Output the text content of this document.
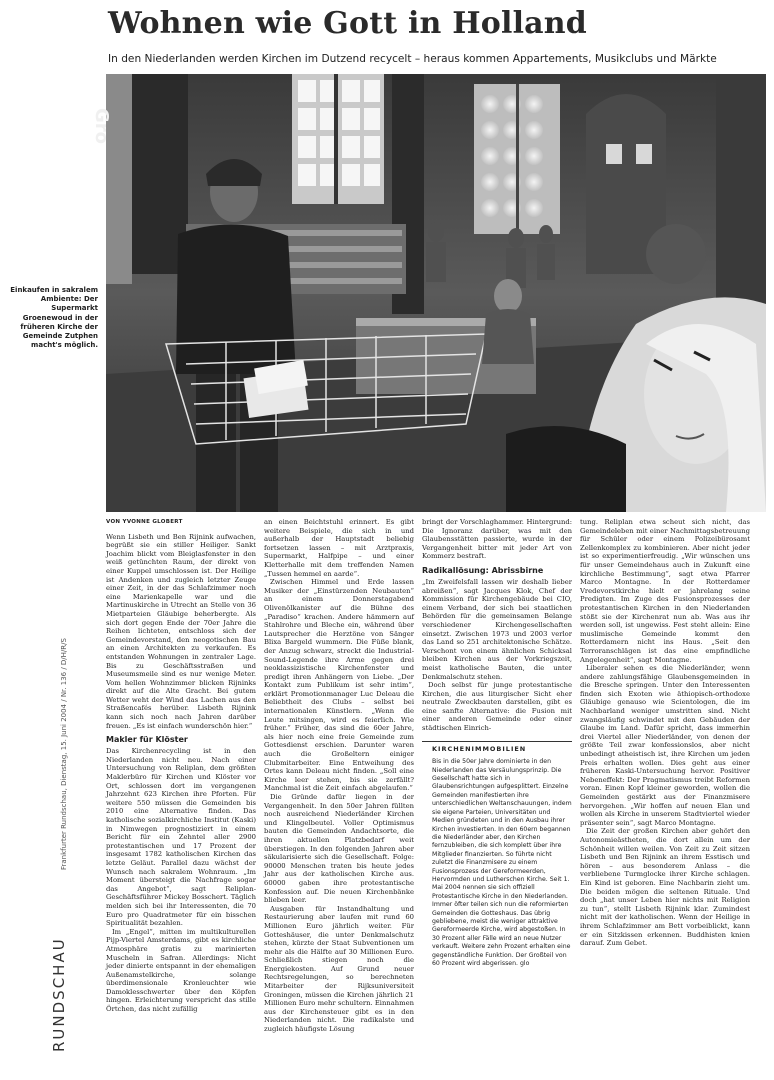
Wohnen wie Gott in Holland

In den Niederlanden werden Kirchen im Dutzend recycelt – heraus kommen Appartements, Musikclubs und Märkte

Gro
Einkaufen in sakralem Ambiente: Der Supermarkt Groenewoud in der früheren Kirche der Gemeinde Zutphen macht's möglich.
Frankfurter Rundschau, Dienstag, 15. Juni 2004 / Nr. 136 / D/H/R/S
RUNDSCHAU
VON YVONNE GLOBERT

Wenn Lisbeth und Ben Rijnink aufwachen, begrüßt sie ein stiller Heiliger. Sankt Joachim blickt vom Bleiglasfenster in den weiß getünchten Raum, der direkt von einer Kuppel umschlossen ist. Der Heilige ist Andenken und zugleich letzter Zeuge einer Zeit, in der das Schlafzimmer noch eine Marienkapelle war und die Martinuskirche in Utrecht an Stelle von 36 Mietparteien Gläubige beherbergte. Als sich dort gegen Ende der 70er Jahre die Reihen lichteten, entschloss sich der Gemeindevorstand, den neogotischen Bau an einen Architekten zu verkaufen. Es entstanden Wohnungen in zentraler Lage. Bis zu Geschäftsstraßen und Museumsmeile sind es nur wenige Meter. Vom hellen Wohnzimmer blicken Rijninks direkt auf die Alte Gracht. Bei gutem Wetter weht der Wind das Lachen aus den Straßencafés herüber. Lisbeth Rijnink kann sich noch nach Jahren darüber freuen. „Es ist einfach wunderschön hier.“

Makler für Klöster

Das Kirchenrecycling ist in den Niederlanden nicht neu. Nach einer Untersuchung von Reliplan, dem größten Maklerbüro für Kirchen und Klöster vor Ort, schlossen dort im vergangenen Jahrzehnt 623 Kirchen ihre Pforten. Für weitere 550 müssen die Gemeinden bis 2010 eine Alternative finden. Das katholische sozialkirchliche Institut (Kaski) in Nimwegen prognostiziert in einem Bericht für ein Zehntel aller 2900 protestantischen und 17 Prozent der insgesamt 1782 katholischen Kirchen das letzte Geläut. Parallel dazu wächst der Wunsch nach sakralem Wohnraum. „Im Moment übersteigt die Nachfrage sogar das Angebot“, sagt Reliplan-Geschäftsführer Mickey Bosschert. Täglich melden sich bei ihr Interessenten, die 70 Euro pro Quadratmeter für ein bisschen Spiritualität bezahlen.

Im „Engel“, mitten im multikulturellen Pijp-Viertel Amsterdams, gibt es kirchliche Atmosphäre gratis zu marinierten Muscheln in Safran. Allerdings: Nicht jeder dinierte entspannt in der ehemaligen Außenamstelkirche, solange überdimensionale Kronleuchter wie Damoklesschwerter über den Köpfen hingen. Erleichterung verspricht das stille Örtchen, das nicht zufällig

an einen Beichtstuhl erinnert. Es gibt weitere Beispiele, die sich in und außerhalb der Hauptstadt beliebig fortsetzen lassen – mit Arztpraxis, Supermarkt, Halfpipe – und einer Kletterhalle mit dem treffenden Namen „Tussen hemmel en aarde“.

Zwischen Himmel und Erde lassen Musiker der „Einstürzenden Neubauten“ an einem Donnerstagabend Olivenölkanister auf die Bühne des „Paradiso“ krachen. Andere hämmern auf Stahlrohre und Bleche ein, während über Lautsprecher die Herztöne von Sänger Blixa Bargeld wummern. Die Füße blank, der Anzug schwarz, streckt die Industrial-Sound-Legende ihre Arme gegen drei neoklassizistische Kirchenfenster und predigt ihren Anhängern von Liebe. „Der Kontakt zum Publikum ist sehr intim“, erklärt Promotionmanager Luc Deleau die Beliebtheit des Clubs – selbst bei internationalen Künstlern. „Wenn die Leute mitsingen, wird es feierlich. Wie früher.“ Früher, das sind die 60er Jahre, als hier noch eine freie Gemeinde zum Gottesdienst erschien. Darunter waren auch die Großeltern einiger Clubmitarbeiter. Eine Entweihung des Ortes kann Deleau nicht finden. „Soll eine Kirche leer stehen, bis sie zerfällt? Manchmal ist die Zeit einfach abgelaufen.“

Die Gründe dafür liegen in der Vergangenheit. In den 50er Jahren füllten noch ausreichend Niederländer Kirchen und Klingelbeutel. Voller Optimismus bauten die Gemeinden Andachtsorte, die ihren aktuellen Platzbedarf weit überstiegen. In den folgenden Jahren aber säkularisierte sich die Gesellschaft. Folge: 90000 Menschen traten bis heute jedes Jahr aus der katholischen Kirche aus. 60000 gaben ihre protestantische Konfession auf. Die neuen Kirchenbänke blieben leer.

Ausgaben für Instandhaltung und Restaurierung aber laufen mit rund 60 Millionen Euro jährlich weiter. Für Gotteshäuser, die unter Denkmalschutz stehen, kürzte der Staat Subventionen um mehr als die Hälfte auf 30 Millionen Euro. Schließlich stiegen noch die Energiekosten. Auf Grund neuer Rechtsregelungen, so berechneten Mitarbeiter der Rijksuniversiteit Groningen, müssen die Kirchen jährlich 21 Millionen Euro mehr schultern. Einnahmen aus der Kirchensteuer gibt es in den Niederlanden nicht. Die radikalste und zugleich häufigste Lösung

bringt der Vorschlaghammer. Hintergrund: Die Ignoranz darüber, was mit den Glaubensstätten passierte, wurde in der Vergangenheit bitter mit jeder Art von Kommerz bestraft.

Radikallösung: Abrissbirne

„Im Zweifelsfall lassen wir deshalb lieber abreißen“, sagt Jacques Klok, Chef der Kommission für Kirchengebäude bei CIO, einem Verband, der sich bei staatlichen Behörden für die gemeinsamen Belange verschiedener Kirchengesellschaften einsetzt. Zwischen 1973 und 2003 verlor das Land so 251 architektonische Schätze. Verschont von einem ähnlichen Schicksal bleiben Kirchen aus der Vorkriegszeit, meist katholische Bauten, die unter Denkmalschutz stehen.

Doch selbst für junge protestantische Kirchen, die aus liturgischer Sicht eher neutrale Zweckbauten darstellen, gibt es eine sanfte Alternative: die Fusion mit einer anderen Gemeinde oder einer städtischen Einrich-

KIRCHENIMMOBILIEN
Bis in die 50er Jahre dominierte in den Niederlanden das Versäulungsprinzip. Die Gesellschaft hatte sich in Glaubensrichtungen aufgesplittert. Einzelne Gemeinden manifestierten ihre unterschiedlichen Weltanschauungen, indem sie eigene Parteien, Universitäten und Medien gründeten und in den Ausbau ihrer Kirchen investierten. In den 60ern begannen die Niederländer aber, den Kirchen fernzubleiben, die sich komplett über ihre Mitglieder finanzierten. So führte nicht zuletzt die Finanzmisere zu einem Fusionsprozess der Gereformeerden, Hervormden und Lutherschen Kirche. Seit 1. Mai 2004 nennen sie sich offiziell Protestantische Kirche in den Niederlanden. Immer öfter teilen sich nun die reformierten Gemeinden die Gotteshaus. Das übrig gebliebene, meist die weniger attraktive Gereformeerde Kirche, wird abgestoßen. In 30 Prozent aller Fälle wird an neue Nutzer verkauft. Weitere zehn Prozent erhalten eine gegenständliche Funktion. Der Großteil von 60 Prozent wird abgerissen. glo

tung. Reliplan etwa scheut sich nicht, das Gemeindeleben mit einer Nachmittagsbetreuung für Schüler oder einem Polizeibürosamt Zellenkomplex zu kombinieren. Aber nicht jeder ist so experimentierfreudig. „Wir wünschen uns für unser Gemeindehaus auch in Zukunft eine kirchliche Bestimmung“, sagt etwa Pfarrer Marco Montagne. In der Rotterdamer Vredevorstkirche hielt er jahrelang seine Predigten. Im Zuge des Fusionsprozesses der protestantischen Kirchen in den Niederlanden stößt sie der Kirchenrat nun ab. Was aus ihr werden soll, ist ungewiss. Fest steht allein: Eine muslimische Gemeinde kommt den Rotterdamern nicht ins Haus. „Seit den Terroranschlägen ist das eine empfindliche Angelegenheit“, sagt Montagne.

Liberaler sehen es die Niederländer, wenn andere zahlungsfähige Glaubensgemeinden in die Bresche springen. Unter den Interessenten finden sich Exoten wie äthiopisch-orthodoxe Gläubige genauso wie Scientologen, die im Nachbarland weniger umstritten sind. Nicht zwangsläufig schwindet mit den Gebäuden der Glaube im Land. Dafür spricht, dass immerhin drei Viertel aller Niederländer, von denen der größte Teil zwar konfessionslos, aber nicht unbedingt atheistisch ist, ihre Kirchen um jeden Preis erhalten wollen. Dies geht aus einer früheren Kaski-Untersuchung hervor. Positiver Nebeneffekt: Der Pragmatismus treibt Reformen voran. Einen Kopf kleiner geworden, wollen die Gemeinden gestärkt aus der Finanzmisere hervorgehen. „Wir hoffen auf neuen Elan und wollen als Kirche in unserem Stadtviertel wieder präsenter sein“, sagt Marco Montagne.

Die Zeit der großen Kirchen aber gehört den Autonomieästheten, die dort allein um der Schönheit willen weilen. Von Zeit zu Zeit sitzen Lisbeth und Ben Rijnink an ihrem Esstisch und hören – aus besonderem Anlass – die verbliebene Turmglocke ihrer Kirche schlagen. Ein Kind ist geboren. Eine Nachbarin zieht um. Die beiden mögen die seltenen Rituale. Und doch „hat unser Leben hier nichts mit Religion zu tun“, stellt Lisbeth Rijnink klar. Zumindest nicht mit der katholischen. Wenn der Heilige in ihrem Schlafzimmer am Bett vorbeiblickt, kann er ein Sitzkissen erkennen. Buddhisten knien darauf. Zum Gebet.
